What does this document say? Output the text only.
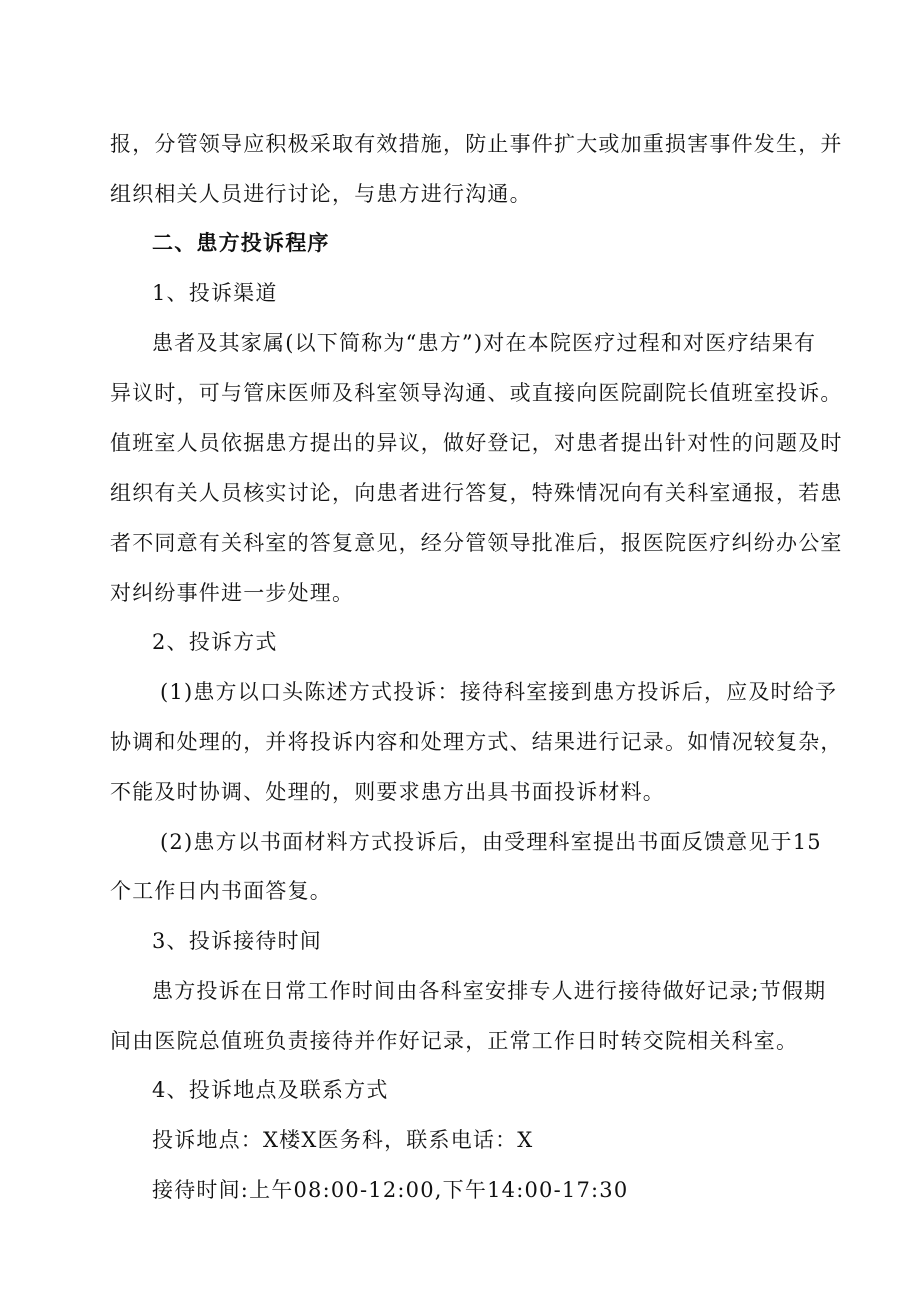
报，分管领导应积极采取有效措施，防止事件扩大或加重损害事件发生，并

组织相关人员进行讨论，与患方进行沟通。

二、患方投诉程序

1、投诉渠道

患者及其家属(以下简称为“患方”)对在本院医疗过程和对医疗结果有

异议时，可与管床医师及科室领导沟通、或直接向医院副院长值班室投诉。

值班室人员依据患方提出的异议，做好登记，对患者提出针对性的问题及时

组织有关人员核实讨论，向患者进行答复，特殊情况向有关科室通报，若患

者不同意有关科室的答复意见，经分管领导批准后，报医院医疗纠纷办公室

对纠纷事件进一步处理。

2、投诉方式

(1)患方以口头陈述方式投诉：接待科室接到患方投诉后，应及时给予

协调和处理的，并将投诉内容和处理方式、结果进行记录。如情况较复杂，

不能及时协调、处理的，则要求患方出具书面投诉材料。

(2)患方以书面材料方式投诉后，由受理科室提出书面反馈意见于15

个工作日内书面答复。

3、投诉接待时间

患方投诉在日常工作时间由各科室安排专人进行接待做好记录;节假期

间由医院总值班负责接待并作好记录，正常工作日时转交院相关科室。

4、投诉地点及联系方式

投诉地点：X楼X医务科，联系电话：X

接待时间:上午08:00-12:00,下午14:00-17:30
